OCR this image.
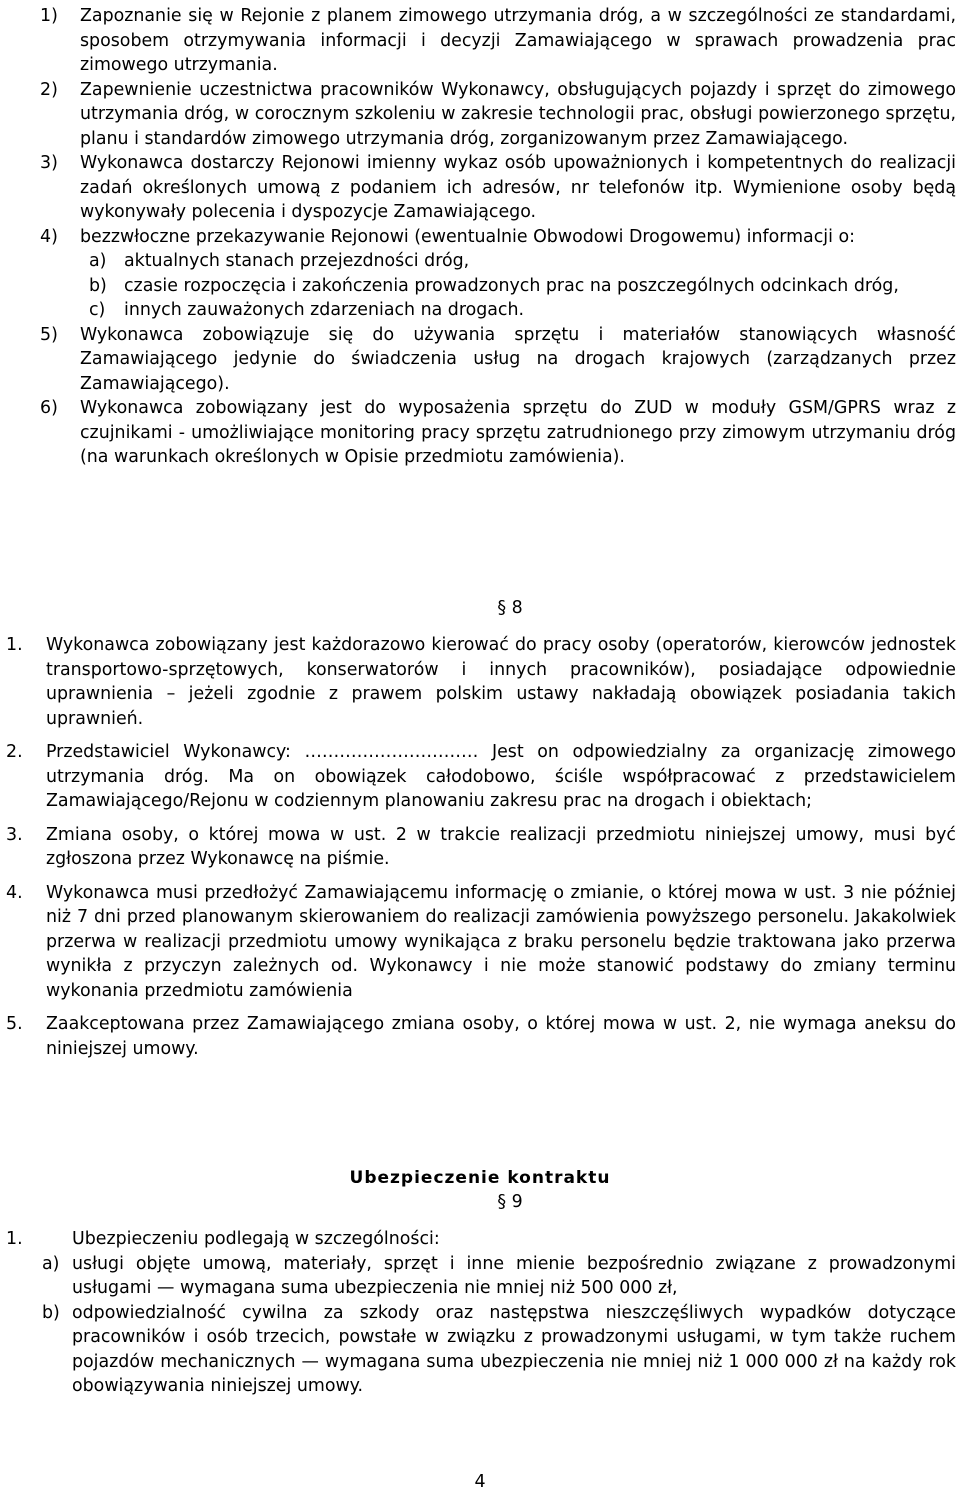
1) Zapoznanie się w Rejonie z planem zimowego utrzymania dróg, a w szczególności ze standardami, sposobem otrzymywania informacji i decyzji Zamawiającego w sprawach prowadzenia prac zimowego utrzymania.

2) Zapewnienie uczestnictwa pracowników Wykonawcy, obsługujących pojazdy i sprzęt do zimowego utrzymania dróg, w corocznym szkoleniu w zakresie technologii prac, obsługi powierzonego sprzętu, planu i standardów zimowego utrzymania dróg, zorganizowanym przez Zamawiającego.

3) Wykonawca dostarczy Rejonowi imienny wykaz osób upoważnionych i kompetentnych do realizacji zadań określonych umową z podaniem ich adresów, nr telefonów itp. Wymienione osoby będą wykonywały polecenia i dyspozycje Zamawiającego.

4) bezzwłoczne przekazywanie Rejonowi (ewentualnie Obwodowi Drogowemu) informacji o:

a) aktualnych stanach przejezdności dróg,

b) czasie rozpoczęcia i zakończenia prowadzonych prac na poszczególnych odcinkach dróg,

c) innych zauważonych zdarzeniach na drogach.

5) Wykonawca zobowiązuje się do używania sprzętu i materiałów stanowiących własność Zamawiającego jedynie do świadczenia usług na drogach krajowych (zarządzanych przez Zamawiającego).

6) Wykonawca zobowiązany jest do wyposażenia sprzętu do ZUD w moduły GSM/GPRS wraz z czujnikami - umożliwiające monitoring pracy sprzętu zatrudnionego przy zimowym utrzymaniu dróg (na warunkach określonych w Opisie przedmiotu zamówienia).

§ 8
1. Wykonawca zobowiązany jest każdorazowo kierować do pracy osoby (operatorów, kierowców jednostek transportowo-sprzętowych, konserwatorów i innych pracowników), posiadające odpowiednie uprawnienia – jeżeli zgodnie z prawem polskim ustawy nakładają obowiązek posiadania takich uprawnień.

2. Przedstawiciel Wykonawcy: ………………………… Jest on odpowiedzialny za organizację zimowego utrzymania dróg. Ma on obowiązek całodobowo, ściśle współpracować z przedstawicielem Zamawiającego/Rejonu w codziennym planowaniu zakresu prac na drogach i obiektach;

3. Zmiana osoby, o której mowa w ust. 2 w trakcie realizacji przedmiotu niniejszej umowy, musi być zgłoszona przez Wykonawcę na piśmie.

4. Wykonawca musi przedłożyć Zamawiającemu informację o zmianie, o której mowa w ust. 3 nie później niż 7 dni przed planowanym skierowaniem do realizacji zamówienia powyższego personelu. Jakakolwiek przerwa w realizacji przedmiotu umowy wynikająca z braku personelu będzie traktowana jako przerwa wynikła z przyczyn zależnych od. Wykonawcy i nie może stanowić podstawy do zmiany terminu wykonania przedmiotu zamówienia

5. Zaakceptowana przez Zamawiającego zmiana osoby, o której mowa w ust. 2, nie wymaga aneksu do niniejszej umowy.

Ubezpieczenie kontraktu
§ 9
1.	Ubezpieczeniu podlegają w szczególności:

a) usługi objęte umową, materiały, sprzęt i inne mienie bezpośrednio związane z prowadzonymi usługami — wymagana suma ubezpieczenia nie mniej niż 500 000 zł,

b) odpowiedzialność cywilna za szkody oraz następstwa nieszczęśliwych wypadków dotyczące pracowników i osób trzecich, powstałe w związku z prowadzonymi usługami, w tym także ruchem pojazdów mechanicznych — wymagana suma ubezpieczenia nie mniej niż 1 000 000 zł na każdy rok obowiązywania niniejszej umowy.

4
